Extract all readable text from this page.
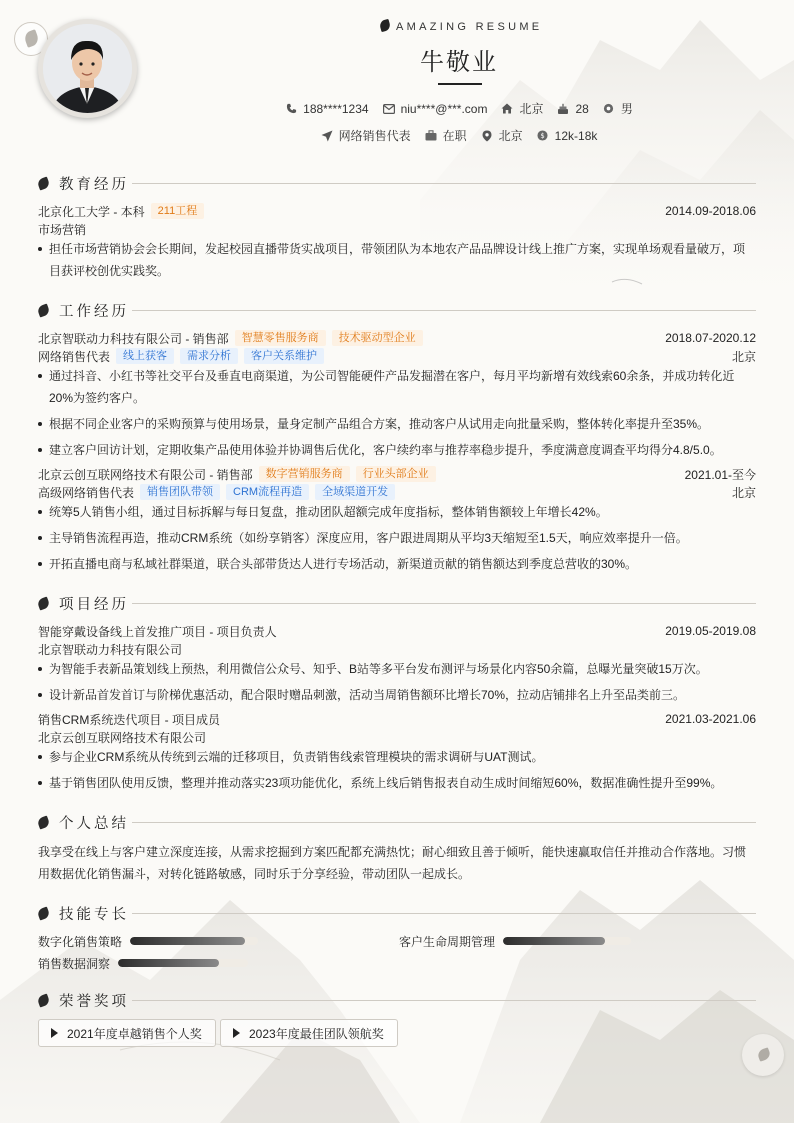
AMAZING RESUME
牛敬业
188****1234	niu****@***.com	北京	28	男
网络销售代表	在职	北京 $ 12k-18k
教育经历
北京化工大学 - 本科	211工程	2014.09-2018.06
市场营销
担任市场营销协会会长期间，发起校园直播带货实战项目，带领团队为本地农产品品牌设计线上推广方案，实现单场观看量破万，项目获评校创优实践奖。
工作经历
北京智联动力科技有限公司 - 销售部	智慧零售服务商	技术驱动型企业	2018.07-2020.12
网络销售代表	线上获客	需求分析	客户关系维护	北京
通过抖音、小红书等社交平台及垂直电商渠道，为公司智能硬件产品发掘潜在客户，每月平均新增有效线索60余条，并成功转化近20%为签约客户。
根据不同企业客户的采购预算与使用场景，量身定制产品组合方案，推动客户从试用走向批量采购，整体转化率提升至35%。
建立客户回访计划，定期收集产品使用体验并协调售后优化，客户续约率与推荐率稳步提升，季度满意度调查平均得分4.8/5.0。
北京云创互联网络技术有限公司 - 销售部	数字营销服务商	行业头部企业	2021.01-至今
高级网络销售代表	销售团队带领	CRM流程再造	全域渠道开发	北京
统筹5人销售小组，通过目标拆解与每日复盘，推动团队超额完成年度指标，整体销售额较上年增长42%。
主导销售流程再造，推动CRM系统（如纷享销客）深度应用，客户跟进周期从平均3天缩短至1.5天，响应效率提升一倍。
开拓直播电商与私域社群渠道，联合头部带货达人进行专场活动，新渠道贡献的销售额达到季度总营收的30%。
项目经历
智能穿戴设备线上首发推广项目 - 项目负责人	2019.05-2019.08
北京智联动力科技有限公司
为智能手表新品策划线上预热，利用微信公众号、知乎、B站等多平台发布测评与场景化内容50余篇，总曝光量突破15万次。
设计新品首发首订与阶梯优惠活动，配合限时赠品刺激，活动当周销售额环比增长70%，拉动店铺排名上升至品类前三。
销售CRM系统迭代项目 - 项目成员	2021.03-2021.06
北京云创互联网络技术有限公司
参与企业CRM系统从传统到云端的迁移项目，负责销售线索管理模块的需求调研与UAT测试。
基于销售团队使用反馈，整理并推动落实23项功能优化，系统上线后销售报表自动生成时间缩短60%，数据准确性提升至99%。
个人总结
我享受在线上与客户建立深度连接，从需求挖掘到方案匹配都充满热忱；耐心细致且善于倾听，能快速赢取信任并推动合作落地。习惯用数据优化销售漏斗，对转化链路敏感，同时乐于分享经验，带动团队一起成长。
技能专长
数字化销售策略	客户生命周期管理
销售数据洞察
荣誉奖项
2021年度卓越销售个人奖	2023年度最佳团队领航奖
